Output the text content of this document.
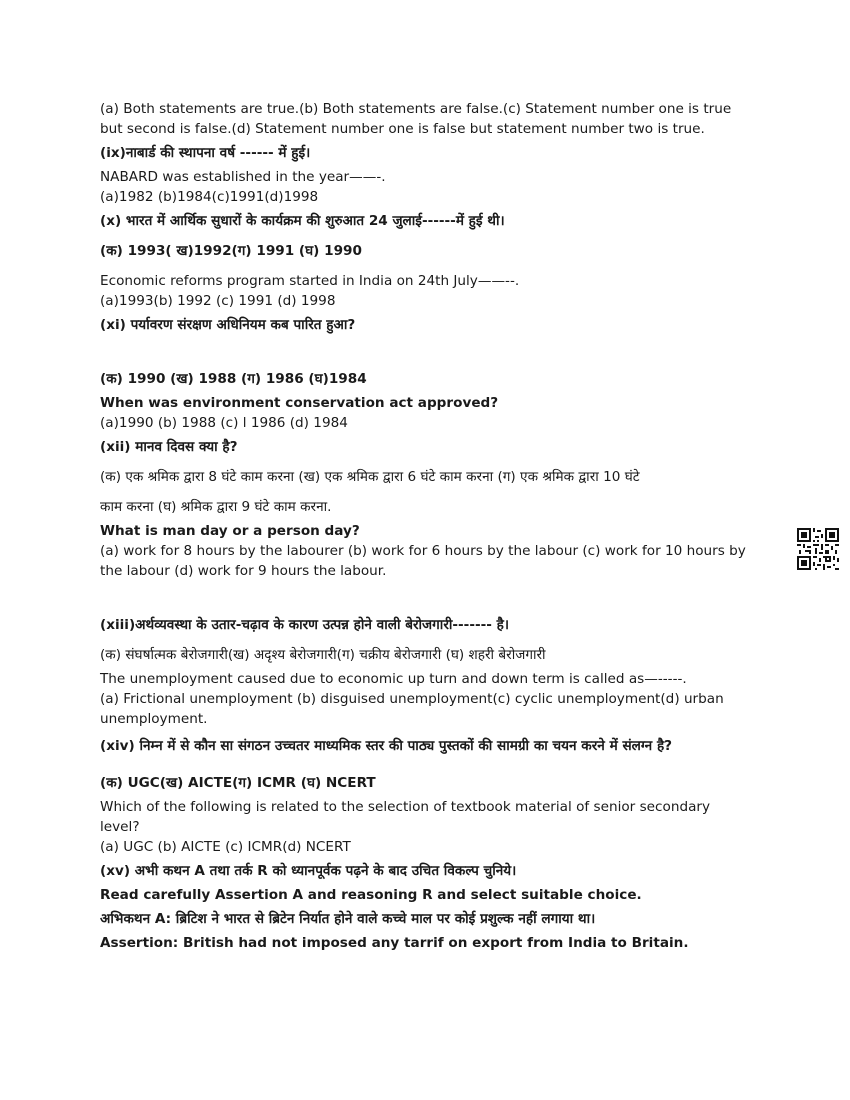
(a) Both statements are true.(b) Both statements are false.(c) Statement number one is true but second is false.(d) Statement number one is false but statement number two is true.

(ix)नाबार्ड की स्थापना वर्ष ------ में हुई।

NABARD was established in the year——-.

(a)1982 (b)1984(c)1991(d)1998

(x) भारत में आर्थिक सुधारों के कार्यक्रम की शुरुआत 24 जुलाई------में हुई थी।

(क) 1993( ख)1992(ग) 1991 (घ) 1990

Economic reforms program started in India on 24th July——--.

(a)1993(b) 1992 (c) 1991 (d) 1998

(xi) पर्यावरण संरक्षण अधिनियम कब पारित हुआ?

(क) 1990 (ख) 1988 (ग) 1986 (घ)1984

When was environment conservation act approved?

(a)1990 (b) 1988 (c) l 1986 (d) 1984

(xii) मानव दिवस क्या है?

(क) एक श्रमिक द्वारा 8 घंटे काम करना (ख) एक श्रमिक द्वारा 6 घंटे काम करना (ग) एक श्रमिक द्वारा 10 घंटे

काम करना (घ) श्रमिक द्वारा 9 घंटे काम करना.

What is man day or a person day?

(a) work for 8 hours by the labourer (b) work for 6 hours by the labour (c) work for 10 hours by the labour (d) work for 9 hours the labour.

(xiii)अर्थव्यवस्था के उतार-चढ़ाव के कारण उत्पन्न होने वाली बेरोजगारी------- है।

(क) संघर्षात्मक बेरोजगारी(ख) अदृश्य बेरोजगारी(ग) चक्रीय बेरोजगारी (घ) शहरी बेरोजगारी

The unemployment caused due to economic up turn and down term is called as—-----.

(a) Frictional unemployment (b) disguised unemployment(c) cyclic unemployment(d) urban unemployment.

(xiv) निम्न में से कौन सा संगठन उच्चतर माध्यमिक स्तर की पाठ्य पुस्तकों की सामग्री का चयन करने में संलग्न है?

(क) UGC(ख) AICTE(ग) ICMR (घ) NCERT

Which of the following is related to the selection of textbook material of senior secondary level?

(a) UGC (b) AICTE (c) ICMR(d) NCERT

(xv) अभी कथन A तथा तर्क R को ध्यानपूर्वक पढ़ने के बाद उचित विकल्प चुनिये।

Read carefully Assertion A and reasoning R and select suitable choice.

अभिकथन A: ब्रिटिश ने भारत से ब्रिटेन निर्यात होने वाले कच्चे माल पर कोई प्रशुल्क नहीं लगाया था।

Assertion: British had not imposed any tarrif on export from India to Britain.
